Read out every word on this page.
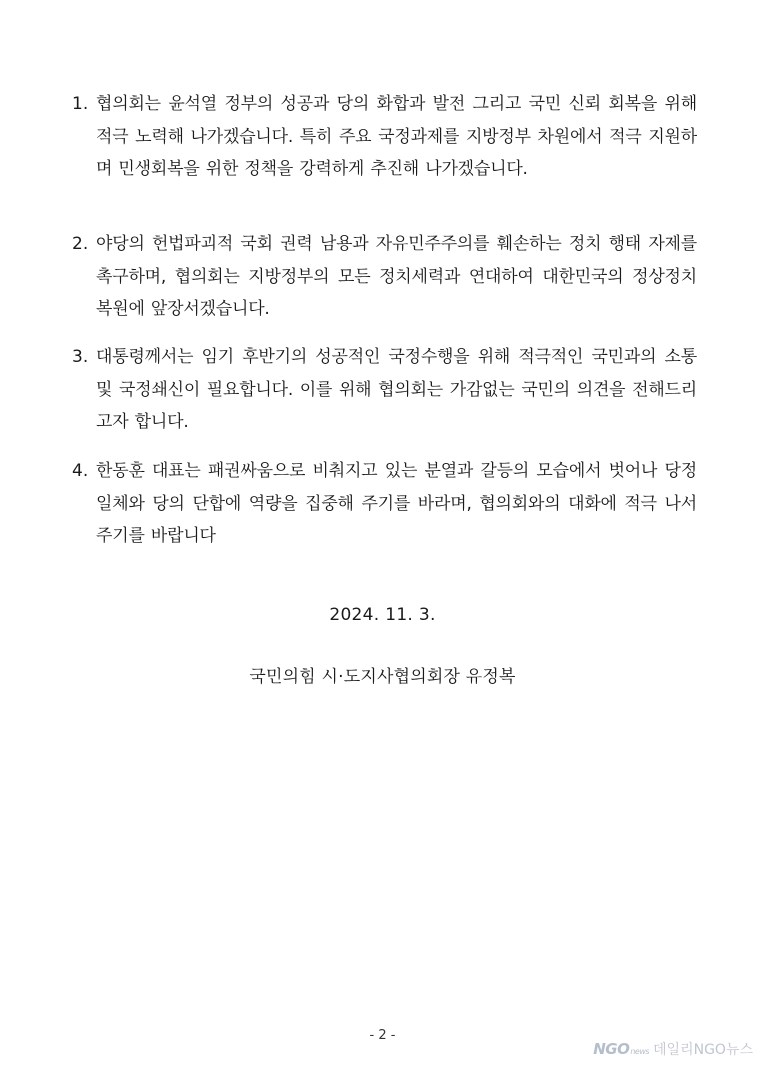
1. 협의회는 윤석열 정부의 성공과 당의 화합과 발전 그리고 국민 신뢰 회복을 위해 적극 노력해 나가겠습니다. 특히 주요 국정과제를 지방정부 차원에서 적극 지원하며 민생회복을 위한 정책을 강력하게 추진해 나가겠습니다.
2. 야당의 헌법파괴적 국회 권력 남용과 자유민주주의를 훼손하는 정치 행태 자제를 촉구하며, 협의회는 지방정부의 모든 정치세력과 연대하여 대한민국의 정상정치 복원에 앞장서겠습니다.
3. 대통령께서는 임기 후반기의 성공적인 국정수행을 위해 적극적인 국민과의 소통 및 국정쇄신이 필요합니다. 이를 위해 협의회는 가감없는 국민의 의견을 전해드리고자 합니다.
4. 한동훈 대표는 패권싸움으로 비춰지고 있는 분열과 갈등의 모습에서 벗어나 당정일체와 당의 단합에 역량을 집중해 주기를 바라며, 협의회와의 대화에 적극 나서주기를 바랍니다
2024. 11. 3.
국민의힘 시·도지사협의회장 유정복
- 2 -
NGOnews 데일리NGO뉴스
